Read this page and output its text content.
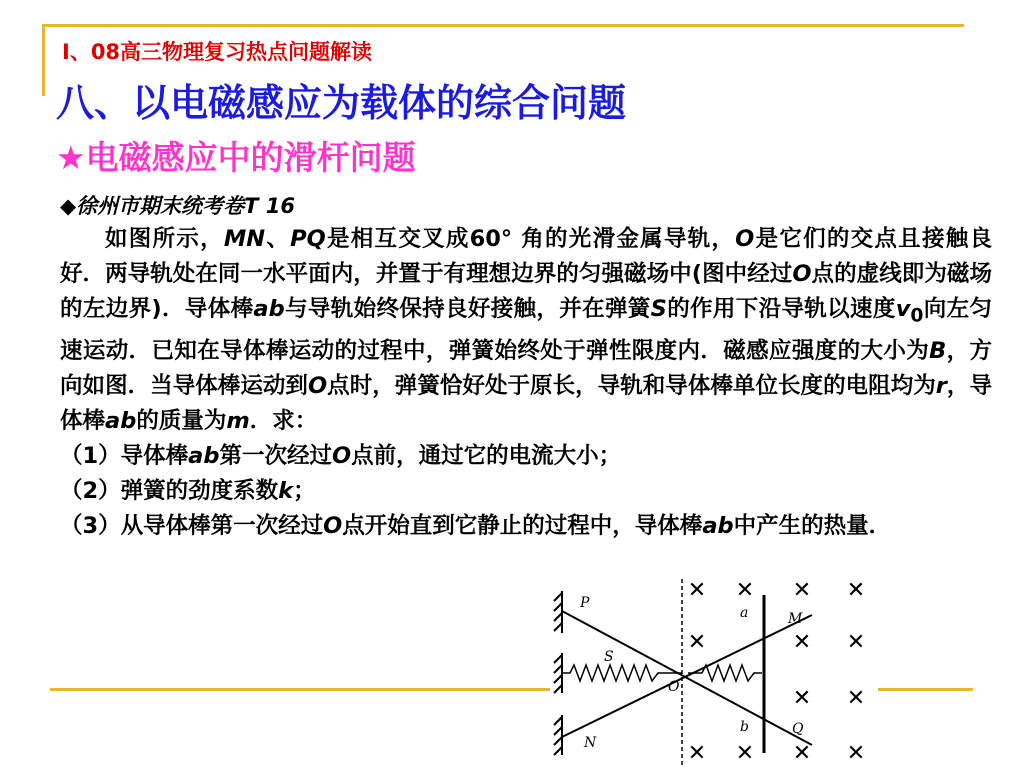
Ⅰ、08高三物理复习热点问题解读
八、以电磁感应为载体的综合问题
★电磁感应中的滑杆问题
◆徐州市期末统考卷T 16

如图所示，MN、PQ是相互交叉成60° 角的光滑金属导轨，O是它们的交点且接触良好．两导轨处在同一水平面内，并置于有理想边界的匀强磁场中(图中经过O点的虚线即为磁场的左边界)．导体棒ab与导轨始终保持良好接触，并在弹簧S的作用下沿导轨以速度$v_0$向左匀速运动．已知在导体棒运动的过程中，弹簧始终处于弹性限度内．磁感应强度的大小为B，方向如图．当导体棒运动到O点时，弹簧恰好处于原长，导轨和导体棒单位长度的电阻均为r，导体棒ab的质量为m．求：

（1）导体棒ab第一次经过O点前，通过它的电流大小；

（2）弹簧的劲度系数k；

（3）从导体棒第一次经过O点开始直到它静止的过程中，导体棒ab中产生的热量．

✕ ✕ ✕ ✕
✕	✕ ✕
✕ ✕
✕ ✕ ✕ ✕
P
N
S
O
a
b
M
Q
